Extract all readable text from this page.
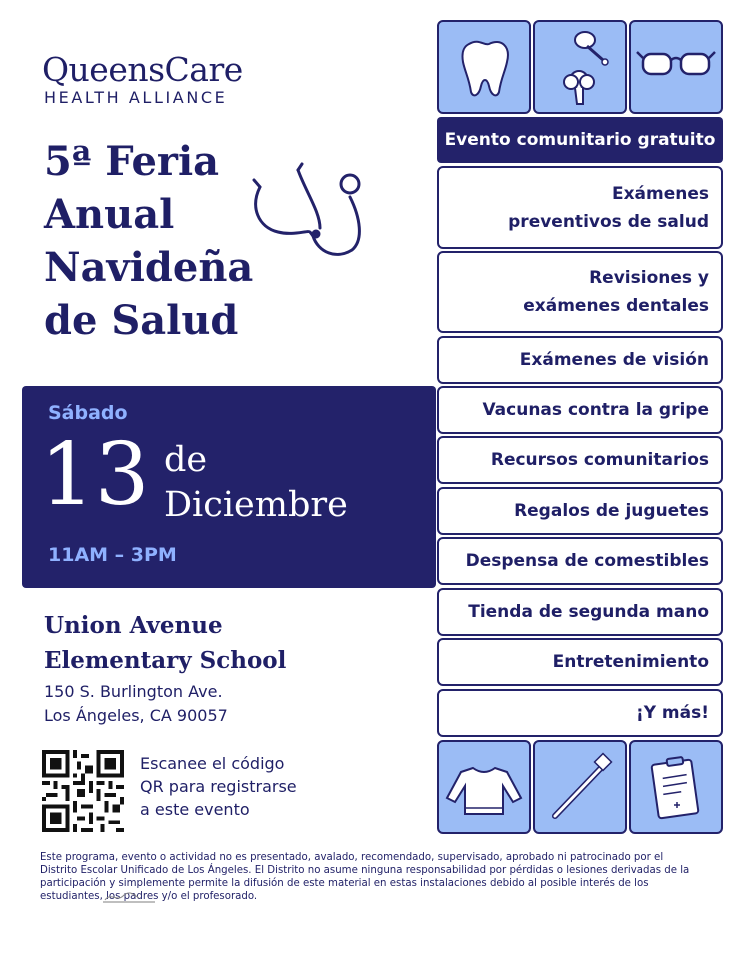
QueensCare
HEALTH ALLIANCE
5ª Feria
Anual
Navideña
de Salud
Sábado
13 de
Diciembre
11AM – 3PM
Union Avenue
Elementary School
150 S. Burlington Ave.
Los Ángeles, CA 90057
Escanee el código
QR para registrarse
a este evento
Este programa, evento o actividad no es presentado, avalado, recomendado, supervisado, aprobado ni patrocinado por el Distrito Escolar Unificado de Los Ángeles. El Distrito no asume ninguna responsabilidad por pérdidas o lesiones derivadas de la participación y simplemente permite la difusión de este material en estas instalaciones debido al posible interés de los estudiantes, los padres y/o el profesorado.
Evento comunitario gratuito
Exámenes
preventivos de salud
Revisiones y
exámenes dentales
Exámenes de visión
Vacunas contra la gripe
Recursos comunitarios
Regalos de juguetes
Despensa de comestibles
Tienda de segunda mano
Entretenimiento
¡Y más!
